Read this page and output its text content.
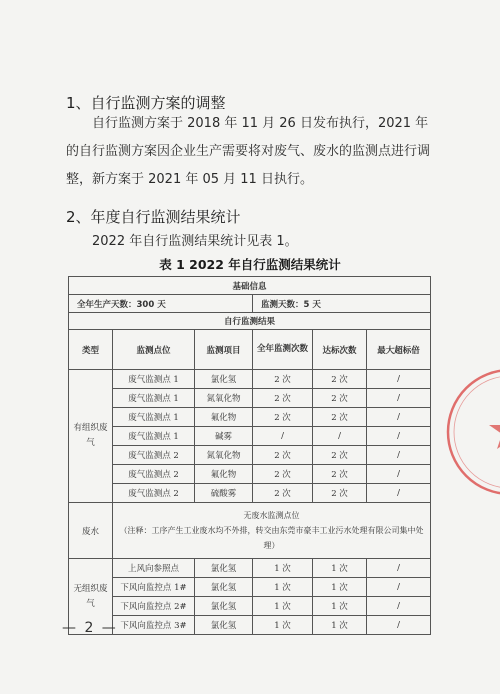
1、自行监测方案的调整
自行监测方案于 2018 年 11 月 26 日发布执行，2021 年的自行监测方案因企业生产需要将对废气、废水的监测点进行调整，新方案于 2021 年 05 月 11 日执行。
2、年度自行监测结果统计
2022 年自行监测结果统计见表 1。
表 1 2022 年自行监测结果统计
基础信息					
全年生产天数：300 天			监测天数：5 天		
自行监测结果					
类型	监测点位	监测项目	全年监测次数	达标次数	最大超标倍
有组织废气	废气监测点 1	氯化氢	2 次	2 次	/
	废气监测点 1	氮氧化物	2 次	2 次	/
	废气监测点 1	氟化物	2 次	2 次	/
	废气监测点 1	碱雾	/	/	/
	废气监测点 2	氮氧化物	2 次	2 次	/
	废气监测点 2	氟化物	2 次	2 次	/
	废气监测点 2	硫酸雾	2 次	2 次	/
废水	无废水监测点位
（注释：工序产生工业废水均不外排，转交由东莞市豪丰工业污水处理有限公司集中处理）				

无组织废气	上风向参照点	氯化氢	1 次	1 次	/
	下风向监控点 1#	氯化氢	1 次	1 次	/
	下风向监控点 2#	氯化氢	1 次	1 次	/
	下风向监控点 3#	氯化氢	1 次	1 次	/
— 2 —
